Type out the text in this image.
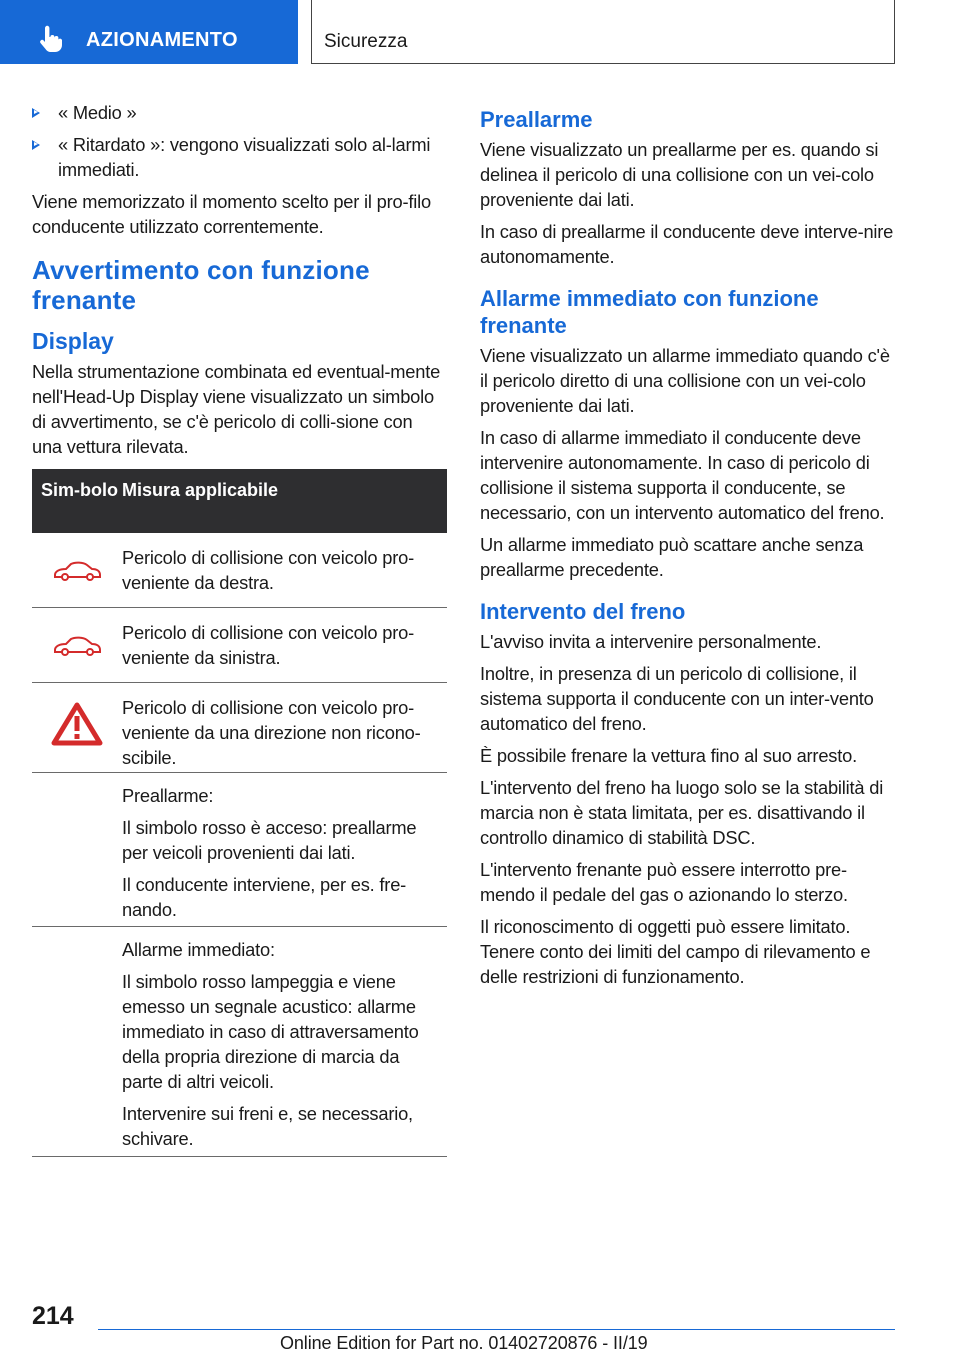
AZIONAMENTO	Sicurezza
« Medio »
« Ritardato »: vengono visualizzati solo al-larmi immediati.

Viene memorizzato il momento scelto per il pro-filo conducente utilizzato correntemente.

Avvertimento con funzione frenante
Display

Nella strumentazione combinata ed eventual-mente nell'Head-Up Display viene visualizzato un simbolo di avvertimento, se c'è pericolo di colli-sione con una vettura rilevata.

Sim-bolo Misura applicabile

Pericolo di collisione con veicolo pro-veniente da destra.

Pericolo di collisione con veicolo pro-veniente da sinistra.

Pericolo di collisione con veicolo pro-veniente da una direzione non ricono-scibile.

Preallarme:

Il simbolo rosso è acceso: preallarme per veicoli provenienti dai lati.

Il conducente interviene, per es. fre-nando.

Allarme immediato:

Il simbolo rosso lampeggia e viene emesso un segnale acustico: allarme immediato in caso di attraversamento della propria direzione di marcia da parte di altri veicoli.

Intervenire sui freni e, se necessario, schivare.

Preallarme

Viene visualizzato un preallarme per es. quando si delinea il pericolo di una collisione con un vei-colo proveniente dai lati.

In caso di preallarme il conducente deve interve-nire autonomamente.

Allarme immediato con funzione frenante

Viene visualizzato un allarme immediato quando c'è il pericolo diretto di una collisione con un vei-colo proveniente dai lati.

In caso di allarme immediato il conducente deve intervenire autonomamente. In caso di pericolo di collisione il sistema supporta il conducente, se necessario, con un intervento automatico del freno.

Un allarme immediato può scattare anche senza preallarme precedente.

Intervento del freno

L'avviso invita a intervenire personalmente.

Inoltre, in presenza di un pericolo di collisione, il sistema supporta il conducente con un inter-vento automatico del freno.

È possibile frenare la vettura fino al suo arresto.

L'intervento del freno ha luogo solo se la stabilità di marcia non è stata limitata, per es. disattivando il controllo dinamico di stabilità DSC.

L'intervento frenante può essere interrotto pre-mendo il pedale del gas o azionando lo sterzo.

Il riconoscimento di oggetti può essere limitato. Tenere conto dei limiti del campo di rilevamento e delle restrizioni di funzionamento.

214
Online Edition for Part no. 01402720876 - II/19
